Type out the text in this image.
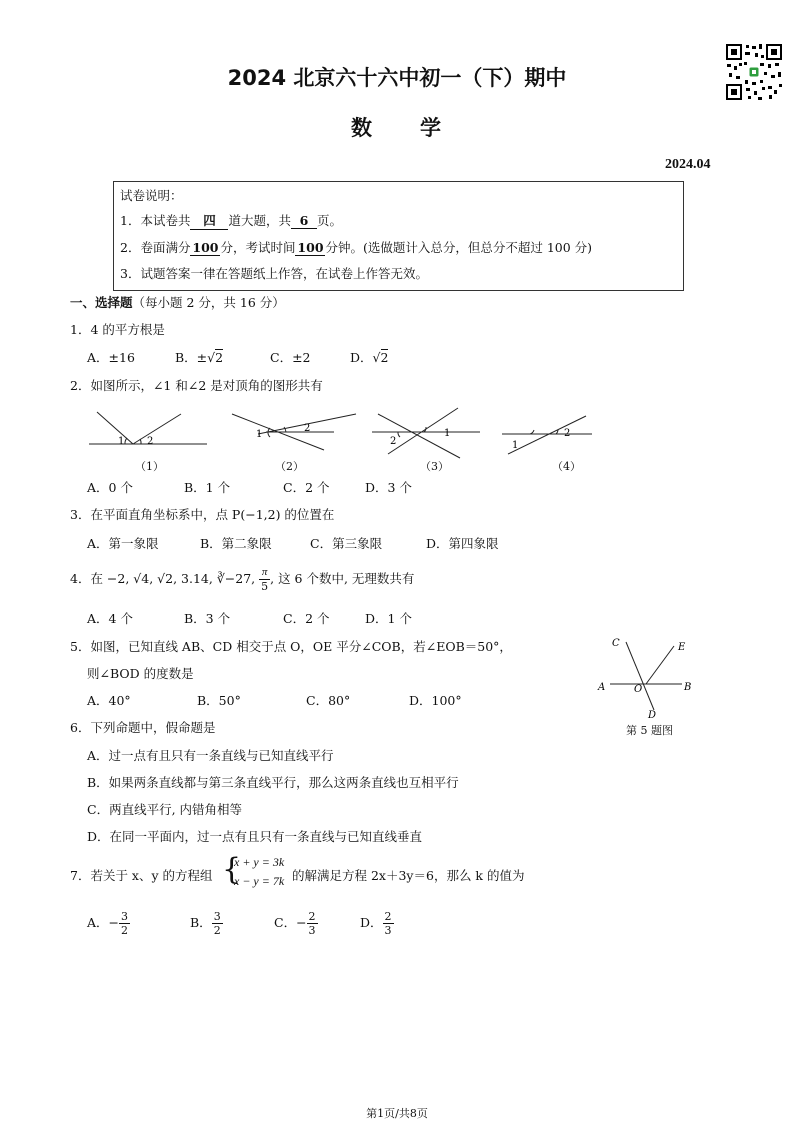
2024 北京六十六中初一（下）期中
数　　学
2024.04
试卷说明：
1．本试卷共 四 道大题，共 6 页。
2．卷面满分 100 分，考试时间 100 分钟。(选做题计入总分，但总分不超过 100 分)
3．试题答案一律在答题纸上作答，在试卷上作答无效。
一、选择题（每小题 2 分，共 16 分）
1．4 的平方根是
A．±16	B．±√2	C．±2	D．√2
2．如图所示，∠1 和∠2 是对顶角的图形共有
1 2
（1）
1
2
（2）
1
2
（3）
1
2
（4）
A．0 个	B．1 个	C．2 个	D．3 个
3．在平面直角坐标系中，点 P(−1,2) 的位置在
A．第一象限	B．第二象限	C．第三象限	D．第四象限
4．在 −2, √4, √2, 3.14, ∛−27, $\frac{\pi}{5}$ , 这 6 个数中, 无理数共有
A．4 个	B．3 个	C．2 个	D．1 个
5．如图，已知直线 AB、CD 相交于点 O，OE 平分∠COB，若∠EOB＝50°，
则∠BOD 的度数是
A．40°	B．50°	C．80°	D．100°
C	E
A	O	B
D
第 5 题图
6．下列命题中，假命题是
A．过一点有且只有一条直线与已知直线平行
B．如果两条直线都与第三条直线平行，那么这两条直线也互相平行
C．两直线平行, 内错角相等
D．在同一平面内，过一点有且只有一条直线与已知直线垂直
7．若关于 x、y 的方程组 {
x + y = 3k
x − y = 7k 的解满足方程 2x＋3y＝6，那么 k 的值为
A．− $\frac{3}{2}$	B． $\frac{3}{2}$	C．− $\frac{2}{3}$	D． $\frac{2}{3}$
第1页/共8页
